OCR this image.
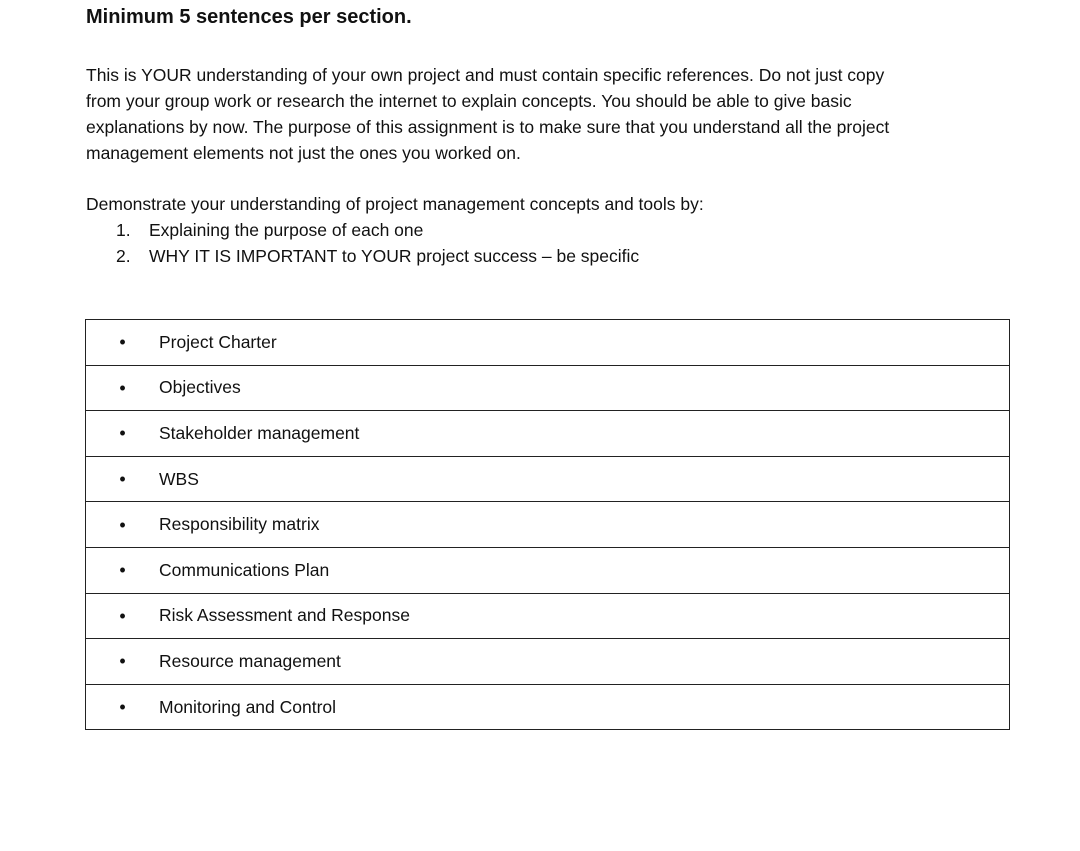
Minimum 5 sentences per section.
This is YOUR understanding of your own project and must contain specific references. Do not just copy
from your group work or research the internet to explain concepts. You should be able to give basic
explanations by now. The purpose of this assignment is to make sure that you understand all the project
management elements not just the ones you worked on.
Demonstrate your understanding of project management concepts and tools by:
1.	Explaining the purpose of each one
2.	WHY IT IS IMPORTANT to YOUR project success – be specific
•	Project Charter

•	Objectives

•	Stakeholder management

•	WBS

•	Responsibility matrix

•	Communications Plan

•	Risk Assessment and Response

•	Resource management

•	Monitoring and Control
